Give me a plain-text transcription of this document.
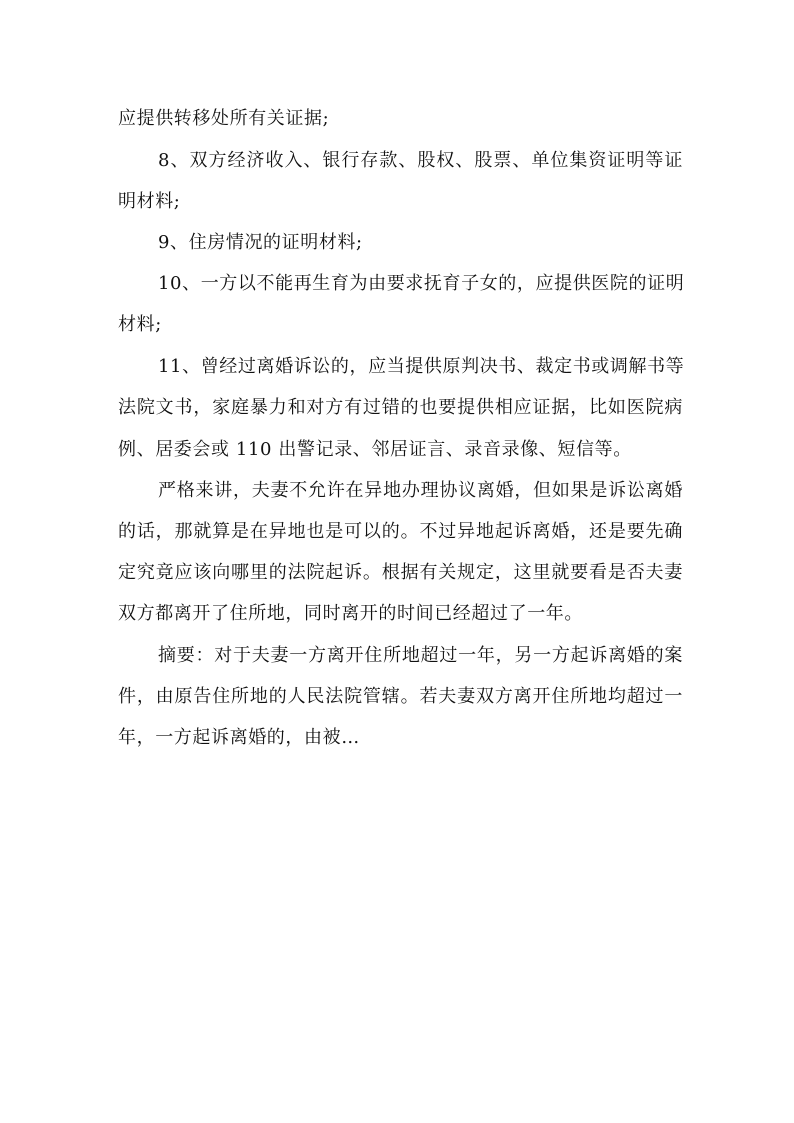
应提供转移处所有关证据;
8、双方经济收入、银行存款、股权、股票、单位集资证明等证
明材料;
9、住房情况的证明材料;
10、一方以不能再生育为由要求抚育子女的，应提供医院的证明
材料;
11、曾经过离婚诉讼的，应当提供原判决书、裁定书或调解书等
法院文书，家庭暴力和对方有过错的也要提供相应证据，比如医院病
例、居委会或 110 出警记录、邻居证言、录音录像、短信等。
严格来讲，夫妻不允许在异地办理协议离婚，但如果是诉讼离婚
的话，那就算是在异地也是可以的。不过异地起诉离婚，还是要先确
定究竟应该向哪里的法院起诉。根据有关规定，这里就要看是否夫妻
双方都离开了住所地，同时离开的时间已经超过了一年。
摘要：对于夫妻一方离开住所地超过一年，另一方起诉离婚的案
件，由原告住所地的人民法院管辖。若夫妻双方离开住所地均超过一
年，一方起诉离婚的，由被…
